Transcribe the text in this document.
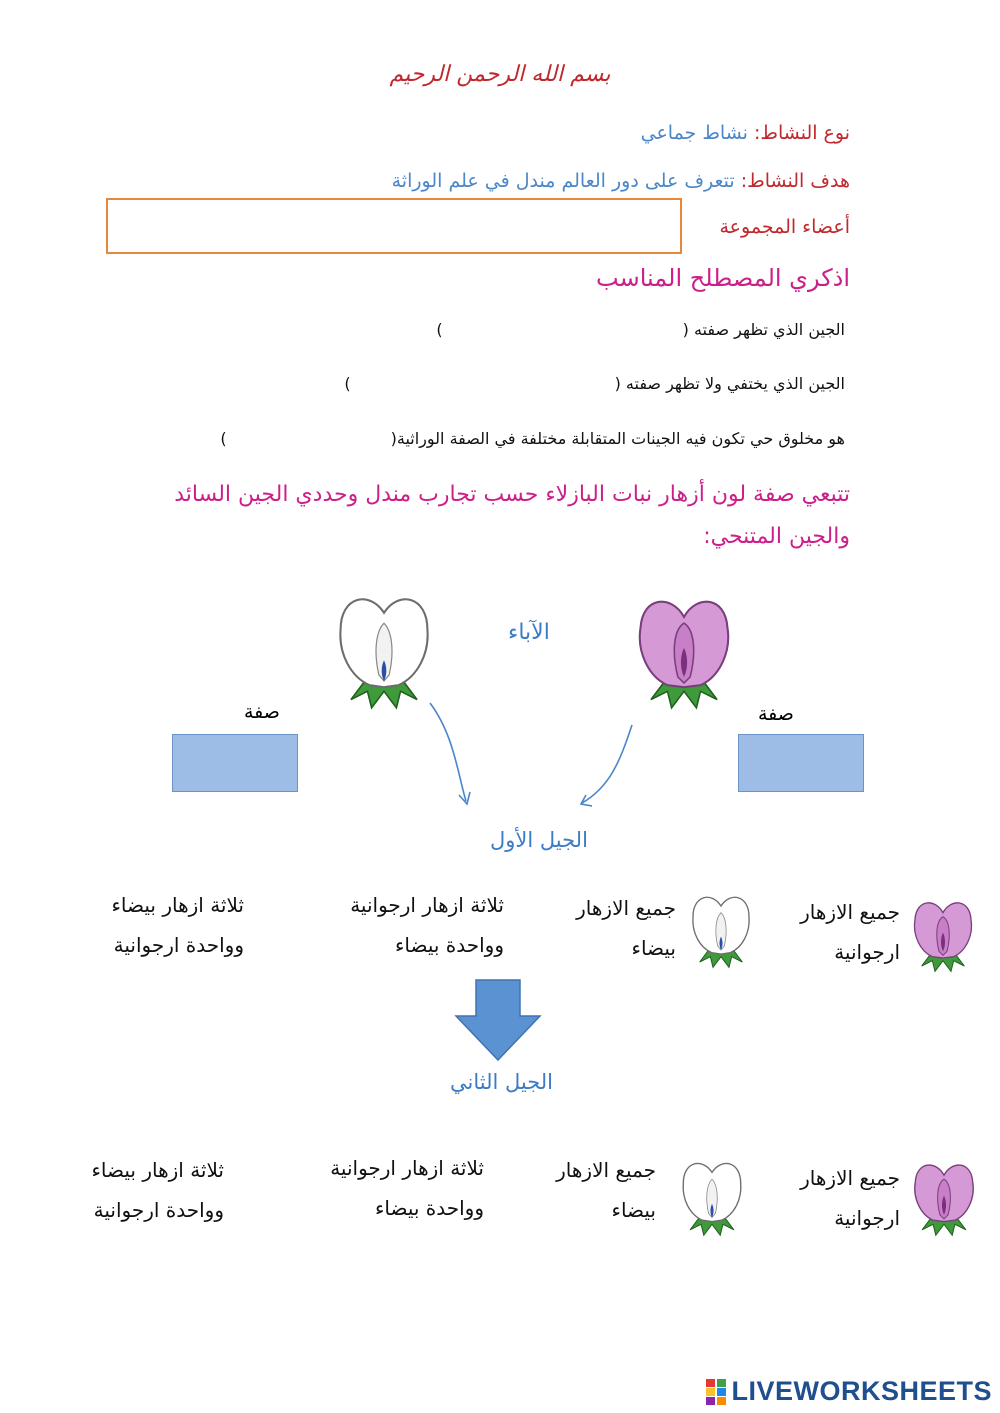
بسم الله الرحمن الرحيم
نوع النشاط: نشاط جماعي
هدف النشاط: تتعرف على دور العالم مندل في علم الوراثة
أعضاء المجموعة
اذكري المصطلح المناسب
الجين الذي تظهر صفته ()
الجين الذي يختفي ولا تظهر صفته ()
هو مخلوق حي تكون فيه الجينات المتقابلة مختلفة في الصفة الوراثية()
تتبعي صفة لون أزهار نبات البازلاء حسب تجارب مندل وحددي الجين السائد
والجين المتنحي:
الآباء
صفة	صفة
الجيل الأول
جميع الازهار
ارجوانية
جميع الازهار
بيضاء
ثلاثة ازهار ارجوانية
وواحدة بيضاء
ثلاثة ازهار بيضاء
وواحدة ارجوانية
الجيل الثاني
جميع الازهار
ارجوانية
جميع الازهار
بيضاء
ثلاثة ازهار ارجوانية
وواحدة بيضاء
ثلاثة ازهار بيضاء
وواحدة ارجوانية
LIVEWORKSHEETS
